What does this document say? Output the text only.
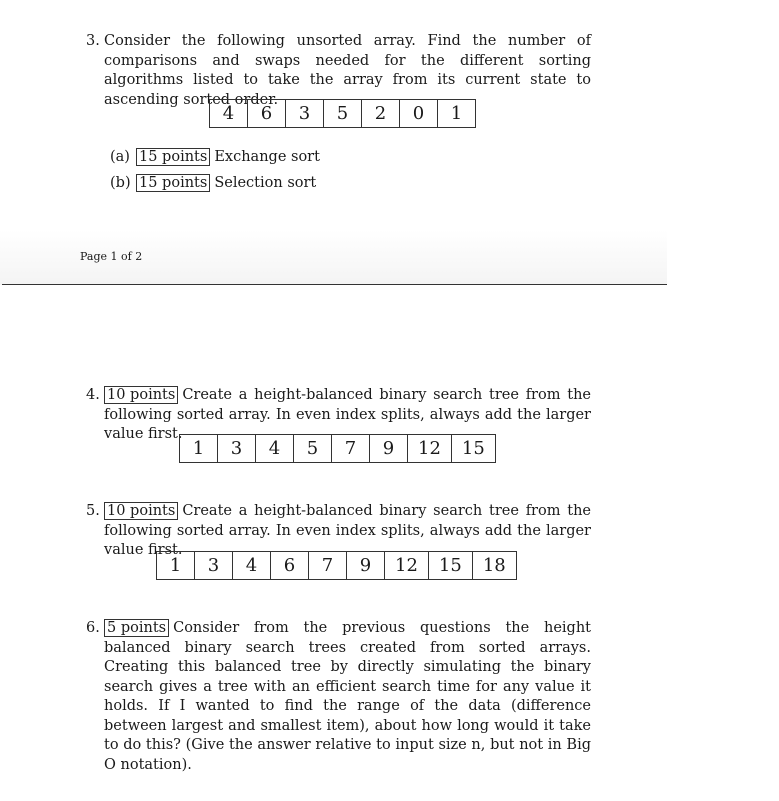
3. Consider the following unsorted array. Find the number of comparisons and swaps needed for the different sorting algorithms listed to take the array from its current state to ascending sorted order.
4	6	3	5	2	0	1
(a) 15 points Exchange sort
(b) 15 points Selection sort
Page 1 of 2
4. 10 points Create a height-balanced binary search tree from the following sorted array. In even index splits, always add the larger value first.
1	3	4	5	7	9	12	15
5. 10 points Create a height-balanced binary search tree from the following sorted array. In even index splits, always add the larger value first.
1	3	4	6	7	9	12	15	18
6. 5 points Consider from the previous questions the height balanced binary search trees created from sorted arrays. Creating this balanced tree by directly simulating the binary search gives a tree with an efficient search time for any value it holds. If I wanted to find the range of the data (difference between largest and smallest item), about how long would it take to do this? (Give the answer relative to input size n, but not in Big O notation).
